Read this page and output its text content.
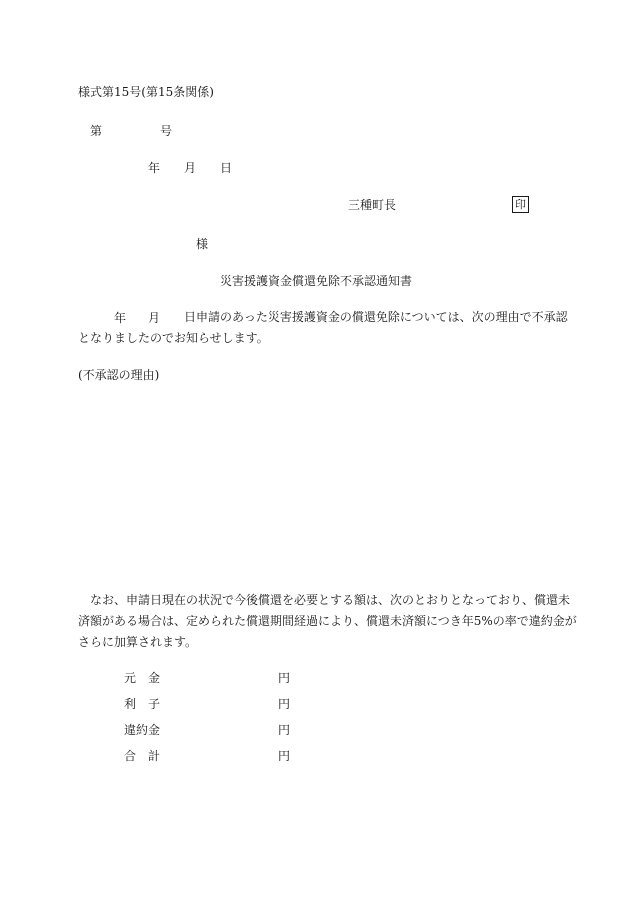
様式第15号(第15条関係)
第	号
年 月 日
三種町長	印
様
災害援護資金償還免除不承認通知書
年 月	日申請のあった災害援護資金の償還免除については、次の理由で不承認となりましたのでお知らせします。
(不承認の理由)
なお、申請日現在の状況で今後償還を必要とする額は、次のとおりとなっており、償還未済額がある場合は、定められた償還期間経過により、償還未済額につき年5%の率で違約金がさらに加算されます。
元　金	円
利　子	円
違約金	円
合　計	円
